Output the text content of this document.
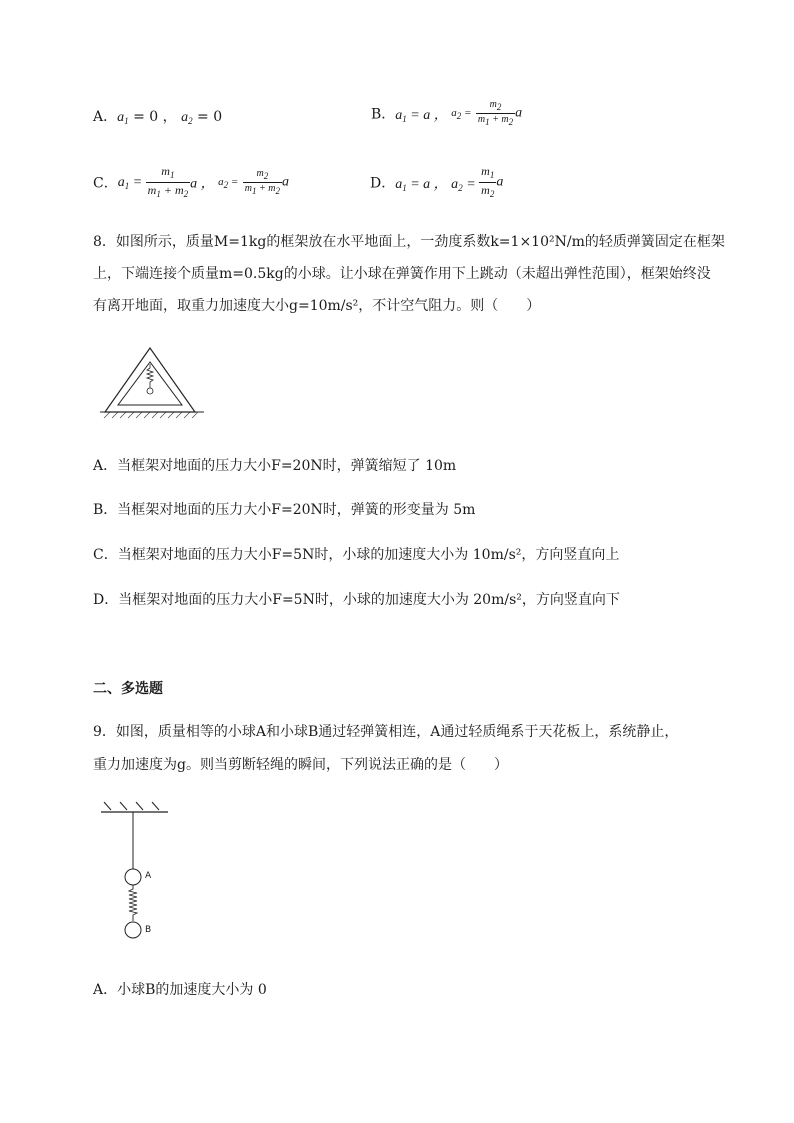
A．$a_1 = 0$ ， $a_2 = 0$	B．$a_1 = a$ ， $a_2 = \frac{m_2}{m_1 + m_2}$ a
C．$a_1 = \frac{m_1}{m_1 + m_2}$ a ， $a_2 = \frac{m_2}{m_1 + m_2}$ a	D．$a_1 = a$ ， $a_2 = \frac{m_1}{m_2}$ a
8．如图所示，质量M=1kg的框架放在水平地面上，一劲度系数k=1×10²N/m的轻质弹簧固定在框架
上，下端连接个质量m=0.5kg的小球。让小球在弹簧作用下上跳动（未超出弹性范围），框架始终没
有离开地面，取重力加速度大小g=10m/s²，不计空气阻力。则（　　）
A．当框架对地面的压力大小F=20N时，弹簧缩短了 10m
B．当框架对地面的压力大小F=20N时，弹簧的形变量为 5m
C．当框架对地面的压力大小F=5N时，小球的加速度大小为 10m/s²，方向竖直向上
D．当框架对地面的压力大小F=5N时，小球的加速度大小为 20m/s²，方向竖直向下
二、多选题
9．如图，质量相等的小球A和小球B通过轻弹簧相连，A通过轻质绳系于天花板上，系统静止，
重力加速度为g。则当剪断轻绳的瞬间，下列说法正确的是（　　）
A
B
A．小球B的加速度大小为 0
